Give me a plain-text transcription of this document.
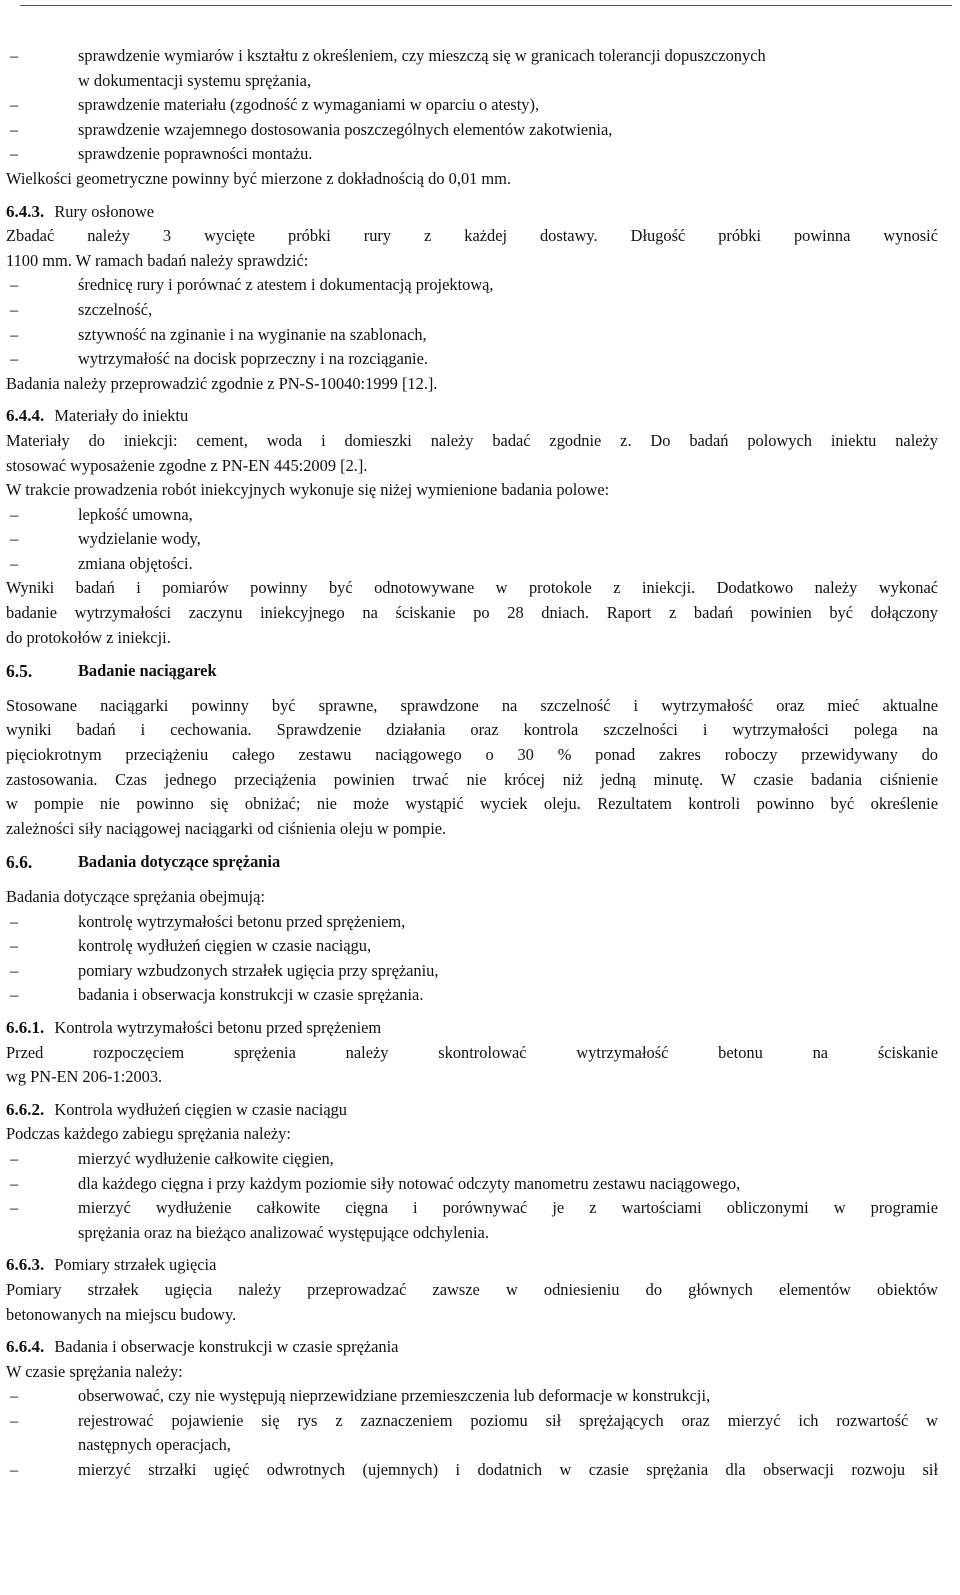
–	sprawdzenie wymiarów i kształtu z określeniem, czy mieszczą się w granicach tolerancji dopuszczonych
w dokumentacji systemu sprężania,
–	sprawdzenie materiału (zgodność z wymaganiami w oparciu o atesty),
–	sprawdzenie wzajemnego dostosowania poszczególnych elementów zakotwienia,
–	sprawdzenie poprawności montażu.
Wielkości geometryczne powinny być mierzone z dokładnością do 0,01 mm.
6.4.3. Rury osłonowe
Zbadać należy 3 wycięte próbki rury z każdej dostawy. Długość próbki powinna wynosić
1100 mm. W ramach badań należy sprawdzić:
–	średnicę rury i porównać z atestem i dokumentacją projektową,
–	szczelność,
–	sztywność na zginanie i na wyginanie na szablonach,
–	wytrzymałość na docisk poprzeczny i na rozciąganie.
Badania należy przeprowadzić zgodnie z PN-S-10040:1999 [12.].
6.4.4. Materiały do iniektu
Materiały do iniekcji: cement, woda i domieszki należy badać zgodnie z. Do badań polowych iniektu należy
stosować wyposażenie zgodne z PN-EN 445:2009 [2.].
W trakcie prowadzenia robót iniekcyjnych wykonuje się niżej wymienione badania polowe:
–	lepkość umowna,
–	wydzielanie wody,
–	zmiana objętości.
Wyniki badań i pomiarów powinny być odnotowywane w protokole z iniekcji. Dodatkowo należy wykonać
badanie wytrzymałości zaczynu iniekcyjnego na ściskanie po 28 dniach. Raport z badań powinien być dołączony
do protokołów z iniekcji.
6.5.	Badanie naciągarek
Stosowane naciągarki powinny być sprawne, sprawdzone na szczelność i wytrzymałość oraz mieć aktualne
wyniki badań i cechowania. Sprawdzenie działania oraz kontrola szczelności i wytrzymałości polega na
pięciokrotnym przeciążeniu całego zestawu naciągowego o 30 % ponad zakres roboczy przewidywany do
zastosowania. Czas jednego przeciążenia powinien trwać nie krócej niż jedną minutę. W czasie badania ciśnienie
w pompie nie powinno się obniżać; nie może wystąpić wyciek oleju. Rezultatem kontroli powinno być określenie
zależności siły naciągowej naciągarki od ciśnienia oleju w pompie.
6.6.	Badania dotyczące sprężania
Badania dotyczące sprężania obejmują:
–	kontrolę wytrzymałości betonu przed sprężeniem,
–	kontrolę wydłużeń cięgien w czasie naciągu,
–	pomiary wzbudzonych strzałek ugięcia przy sprężaniu,
–	badania i obserwacja konstrukcji w czasie sprężania.
6.6.1. Kontrola wytrzymałości betonu przed sprężeniem
Przed rozpoczęciem sprężenia należy skontrolować wytrzymałość betonu na ściskanie
wg PN-EN 206-1:2003.
6.6.2. Kontrola wydłużeń cięgien w czasie naciągu
Podczas każdego zabiegu sprężania należy:
–	mierzyć wydłużenie całkowite cięgien,
–	dla każdego cięgna i przy każdym poziomie siły notować odczyty manometru zestawu naciągowego,
–	mierzyć wydłużenie całkowite cięgna i porównywać je z wartościami obliczonymi w programie
sprężania oraz na bieżąco analizować występujące odchylenia.
6.6.3. Pomiary strzałek ugięcia
Pomiary strzałek ugięcia należy przeprowadzać zawsze w odniesieniu do głównych elementów obiektów
betonowanych na miejscu budowy.
6.6.4. Badania i obserwacje konstrukcji w czasie sprężania
W czasie sprężania należy:
–	obserwować, czy nie występują nieprzewidziane przemieszczenia lub deformacje w konstrukcji,
–	rejestrować pojawienie się rys z zaznaczeniem poziomu sił sprężających oraz mierzyć ich rozwartość w
następnych operacjach,
–	mierzyć strzałki ugięć odwrotnych (ujemnych) i dodatnich w czasie sprężania dla obserwacji rozwoju sił
